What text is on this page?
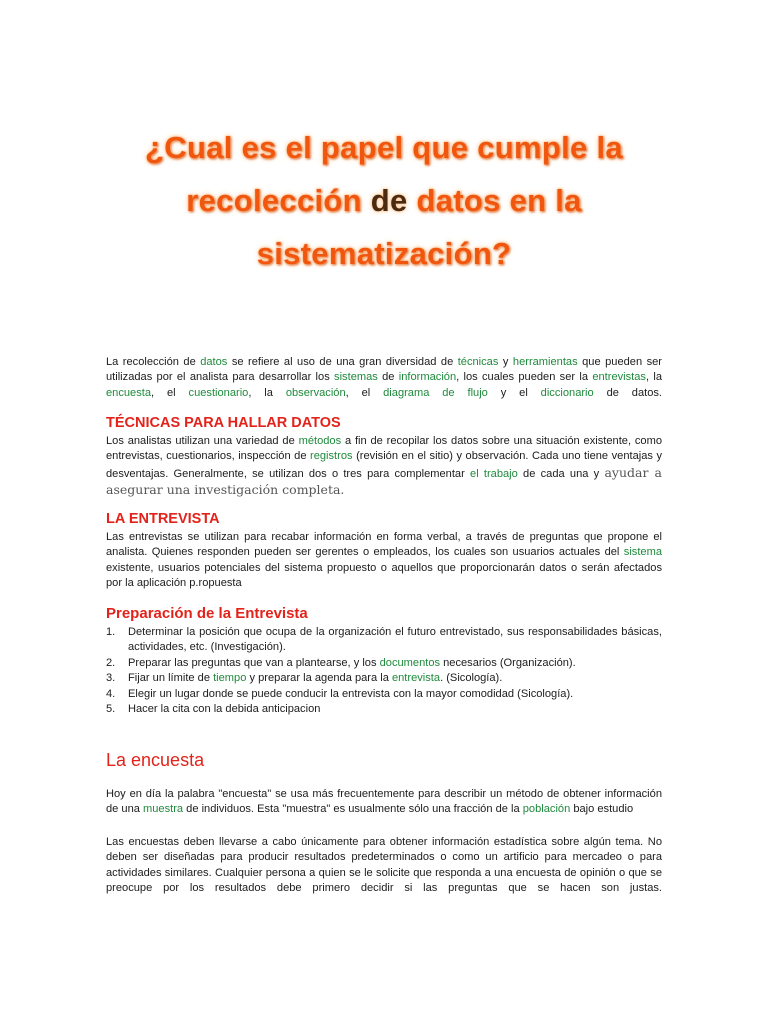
¿Cual es el papel que cumple la
recolección de datos en la
sistematización?
La recolección de datos se refiere al uso de una gran diversidad de técnicas y herramientas que pueden ser utilizadas por el analista para desarrollar los sistemas de información, los cuales pueden ser la entrevistas, la encuesta, el cuestionario, la observación, el diagrama de flujo y el diccionario de datos.
TÉCNICAS PARA HALLAR DATOS
Los analistas utilizan una variedad de métodos a fin de recopilar los datos sobre una situación existente, como entrevistas, cuestionarios, inspección de registros (revisión en el sitio) y observación. Cada uno tiene ventajas y desventajas. Generalmente, se utilizan dos o tres para complementar el trabajo de cada una y ayudar a asegurar una investigación completa.
LA ENTREVISTA
Las entrevistas se utilizan para recabar información en forma verbal, a través de preguntas que propone el analista. Quienes responden pueden ser gerentes o empleados, los cuales son usuarios actuales del sistema existente, usuarios potenciales del sistema propuesto o aquellos que proporcionarán datos o serán afectados por la aplicación p.ropuesta
Preparación de la Entrevista
1. Determinar la posición que ocupa de la organización el futuro entrevistado, sus responsabilidades básicas, actividades, etc. (Investigación).
2. Preparar las preguntas que van a plantearse, y los documentos necesarios (Organización).
3. Fijar un límite de tiempo y preparar la agenda para la entrevista. (Sicología).
4. Elegir un lugar donde se puede conducir la entrevista con la mayor comodidad (Sicología).
5. Hacer la cita con la debida anticipacion
La encuesta
Hoy en día la palabra "encuesta" se usa más frecuentemente para describir un método de obtener información de una muestra de individuos. Esta "muestra" es usualmente sólo una fracción de la población bajo estudio
Las encuestas deben llevarse a cabo únicamente para obtener información estadística sobre algún tema. No deben ser diseñadas para producir resultados predeterminados o como un artificio para mercadeo o para actividades similares. Cualquier persona a quien se le solicite que responda a una encuesta de opinión o que se preocupe por los resultados debe primero decidir si las preguntas que se hacen son justas.
